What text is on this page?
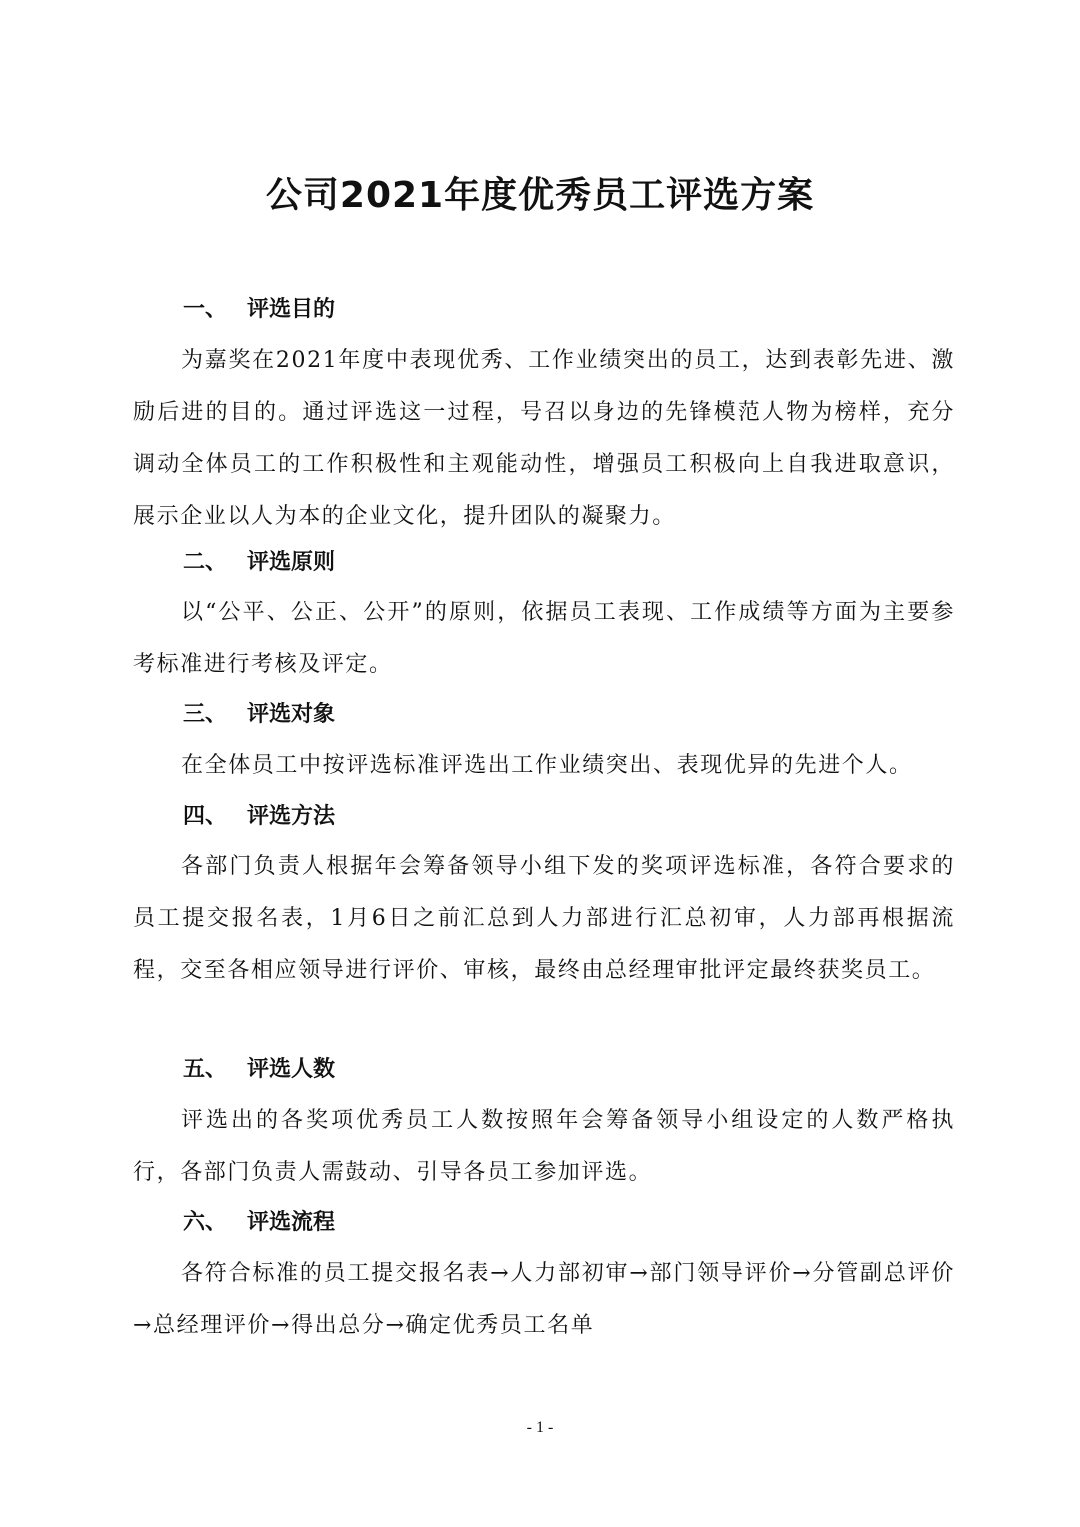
公司2021年度优秀员工评选方案
一、 评选目的

为嘉奖在2021年度中表现优秀、工作业绩突出的员工，达到表彰先进、激励后进的目的。通过评选这一过程，号召以身边的先锋模范人物为榜样，充分调动全体员工的工作积极性和主观能动性，增强员工积极向上自我进取意识，展示企业以人为本的企业文化，提升团队的凝聚力。

二、 评选原则

以“公平、公正、公开”的原则，依据员工表现、工作成绩等方面为主要参考标准进行考核及评定。

三、 评选对象

在全体员工中按评选标准评选出工作业绩突出、表现优异的先进个人。

四、 评选方法

各部门负责人根据年会筹备领导小组下发的奖项评选标准，各符合要求的员工提交报名表，1月6日之前汇总到人力部进行汇总初审，人力部再根据流程，交至各相应领导进行评价、审核，最终由总经理审批评定最终获奖员工。

五、 评选人数

评选出的各奖项优秀员工人数按照年会筹备领导小组设定的人数严格执行，各部门负责人需鼓动、引导各员工参加评选。

六、 评选流程

各符合标准的员工提交报名表→人力部初审→部门领导评价→分管副总评价→总经理评价→得出总分→确定优秀员工名单

- 1 -
